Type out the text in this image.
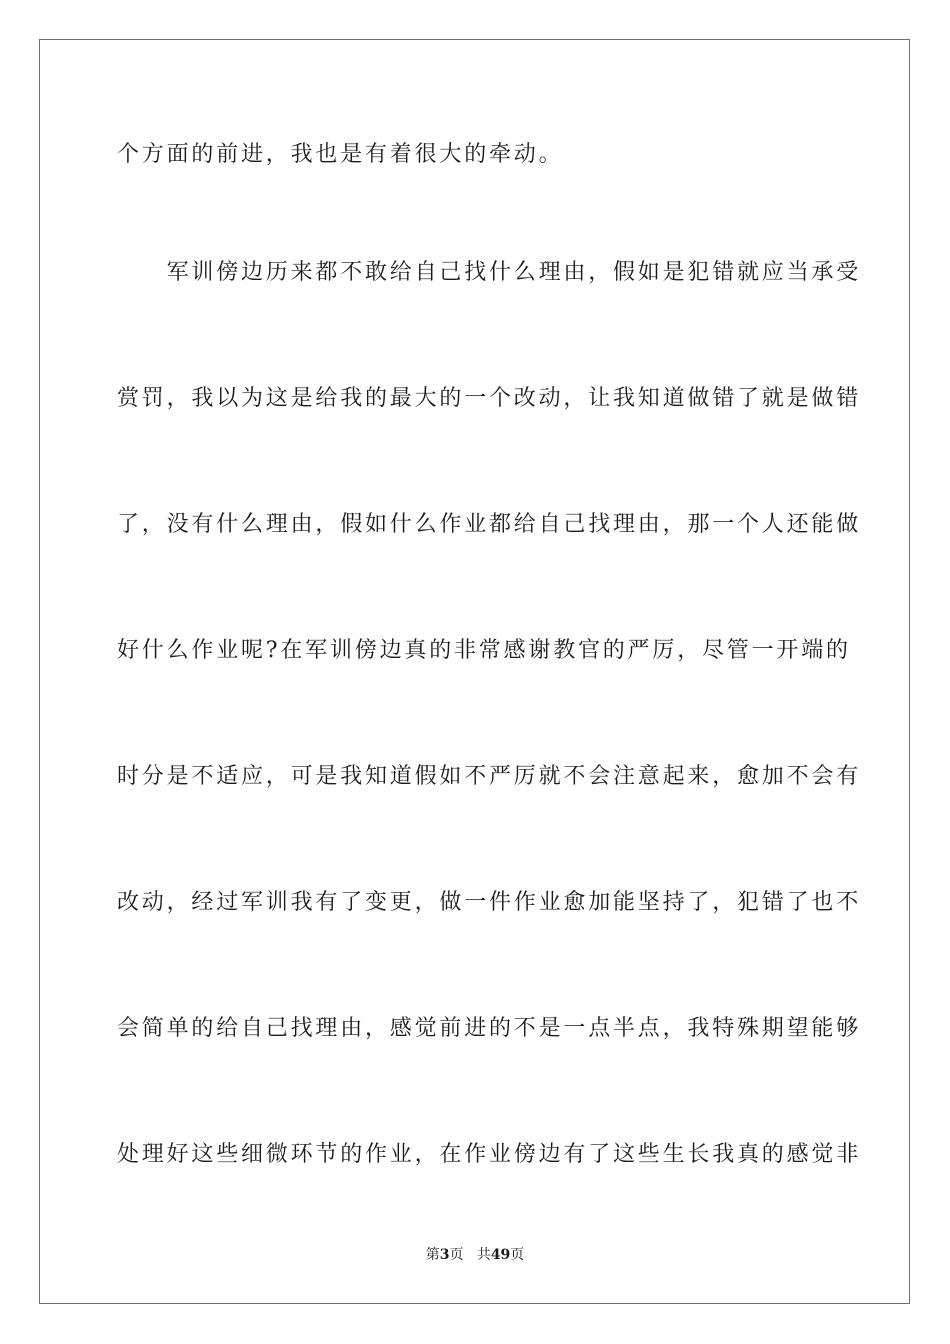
个方面的前进，我也是有着很大的牵动。
　　军训傍边历来都不敢给自己找什么理由，假如是犯错就应当承受
赏罚，我以为这是给我的最大的一个改动，让我知道做错了就是做错
了，没有什么理由，假如什么作业都给自己找理由，那一个人还能做
好什么作业呢?在军训傍边真的非常感谢教官的严厉，尽管一开端的
时分是不适应，可是我知道假如不严厉就不会注意起来，愈加不会有
改动，经过军训我有了变更，做一件作业愈加能坚持了，犯错了也不
会简单的给自己找理由，感觉前进的不是一点半点，我特殊期望能够
处理好这些细微环节的作业，在作业傍边有了这些生长我真的感觉非
第3页 共49页
